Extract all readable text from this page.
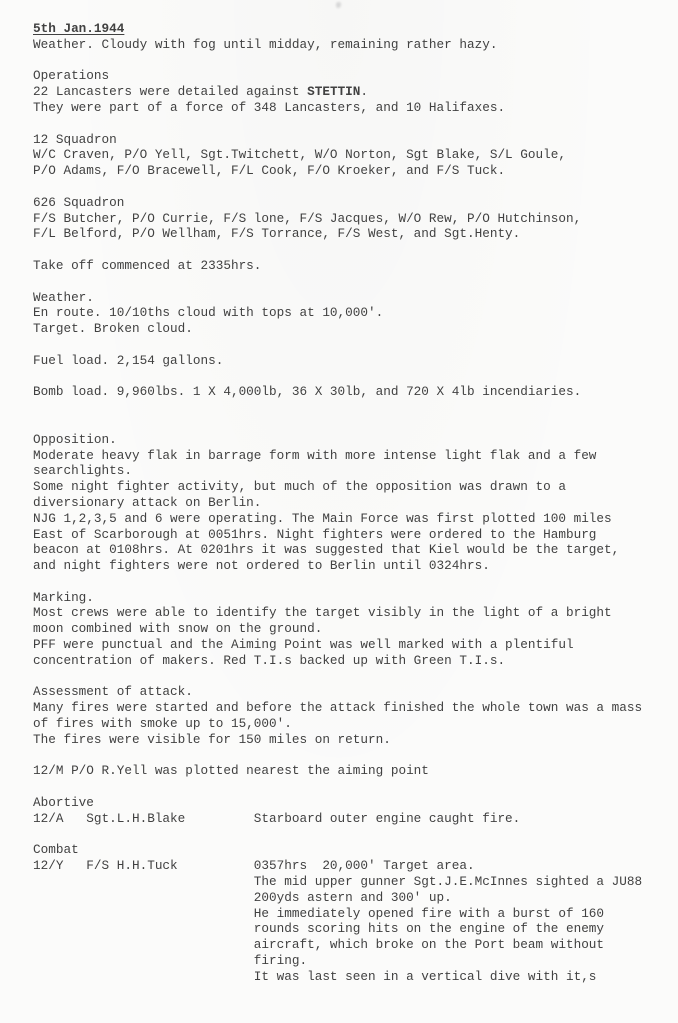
5th Jan.1944
Weather. Cloudy with fog until midday, remaining rather hazy.

Operations
22 Lancasters were detailed against STETTIN.
They were part of a force of 348 Lancasters, and 10 Halifaxes.

12 Squadron
W/C Craven, P/O Yell, Sgt.Twitchett, W/O Norton, Sgt Blake, S/L Goule,
P/O Adams, F/O Bracewell, F/L Cook, F/O Kroeker, and F/S Tuck.

626 Squadron
F/S Butcher, P/O Currie, F/S lone, F/S Jacques, W/O Rew, P/O Hutchinson,
F/L Belford, P/O Wellham, F/S Torrance, F/S West, and Sgt.Henty.

Take off commenced at 2335hrs.

Weather.
En route. 10/10ths cloud with tops at 10,000'.
Target. Broken cloud.

Fuel load. 2,154 gallons.

Bomb load. 9,960lbs. 1 X 4,000lb, 36 X 30lb, and 720 X 4lb incendiaries.

Opposition.
Moderate heavy flak in barrage form with more intense light flak and a few
searchlights.
Some night fighter activity, but much of the opposition was drawn to a
diversionary attack on Berlin.
NJG 1,2,3,5 and 6 were operating. The Main Force was first plotted 100 miles
East of Scarborough at 0051hrs. Night fighters were ordered to the Hamburg
beacon at 0108hrs. At 0201hrs it was suggested that Kiel would be the target,
and night fighters were not ordered to Berlin until 0324hrs.

Marking.
Most crews were able to identify the target visibly in the light of a bright
moon combined with snow on the ground.
PFF were punctual and the Aiming Point was well marked with a plentiful
concentration of makers. Red T.I.s backed up with Green T.I.s.

Assessment of attack.
Many fires were started and before the attack finished the whole town was a mass
of fires with smoke up to 15,000'.
The fires were visible for 150 miles on return.

12/M P/O R.Yell was plotted nearest the aiming point

Abortive
12/A   Sgt.L.H.Blake         Starboard outer engine caught fire.

Combat
12/Y   F/S H.H.Tuck          0357hrs  20,000' Target area.
The mid upper gunner Sgt.J.E.McInnes sighted a JU88
200yds astern and 300' up.
He immediately opened fire with a burst of 160
rounds scoring hits on the engine of the enemy
aircraft, which broke on the Port beam without
firing.
It was last seen in a vertical dive with it,s
